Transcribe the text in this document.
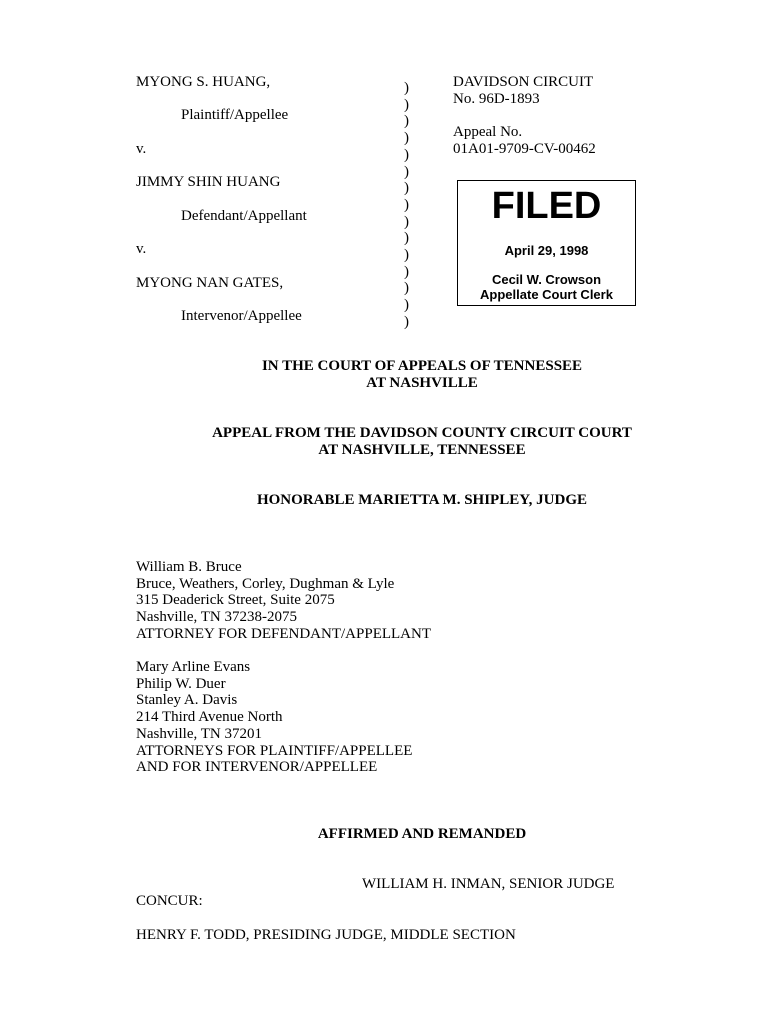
MYONG S. HUANG,
Plaintiff/Appellee
v.
JIMMY SHIN HUANG
Defendant/Appellant
v.
MYONG NAN GATES,
Intervenor/Appellee
)
)
)
)
)
)
)
)
)
)
)
)
)
)
)
DAVIDSON CIRCUIT
No. 96D-1893
Appeal No.
01A01-9709-CV-00462
FILED
April 29, 1998
Cecil W. Crowson
Appellate Court Clerk
IN THE COURT OF APPEALS OF TENNESSEE
AT NASHVILLE
APPEAL FROM THE DAVIDSON COUNTY CIRCUIT COURT
AT NASHVILLE, TENNESSEE
HONORABLE MARIETTA M. SHIPLEY, JUDGE
William B. Bruce
Bruce, Weathers, Corley, Dughman & Lyle
315 Deaderick Street, Suite 2075
Nashville, TN 37238-2075
ATTORNEY FOR DEFENDANT/APPELLANT
Mary Arline Evans
Philip W. Duer
Stanley A. Davis
214 Third Avenue North
Nashville, TN 37201
ATTORNEYS FOR PLAINTIFF/APPELLEE
AND FOR INTERVENOR/APPELLEE
AFFIRMED AND REMANDED
WILLIAM H. INMAN, SENIOR JUDGE
CONCUR:
HENRY F. TODD, PRESIDING JUDGE, MIDDLE SECTION
